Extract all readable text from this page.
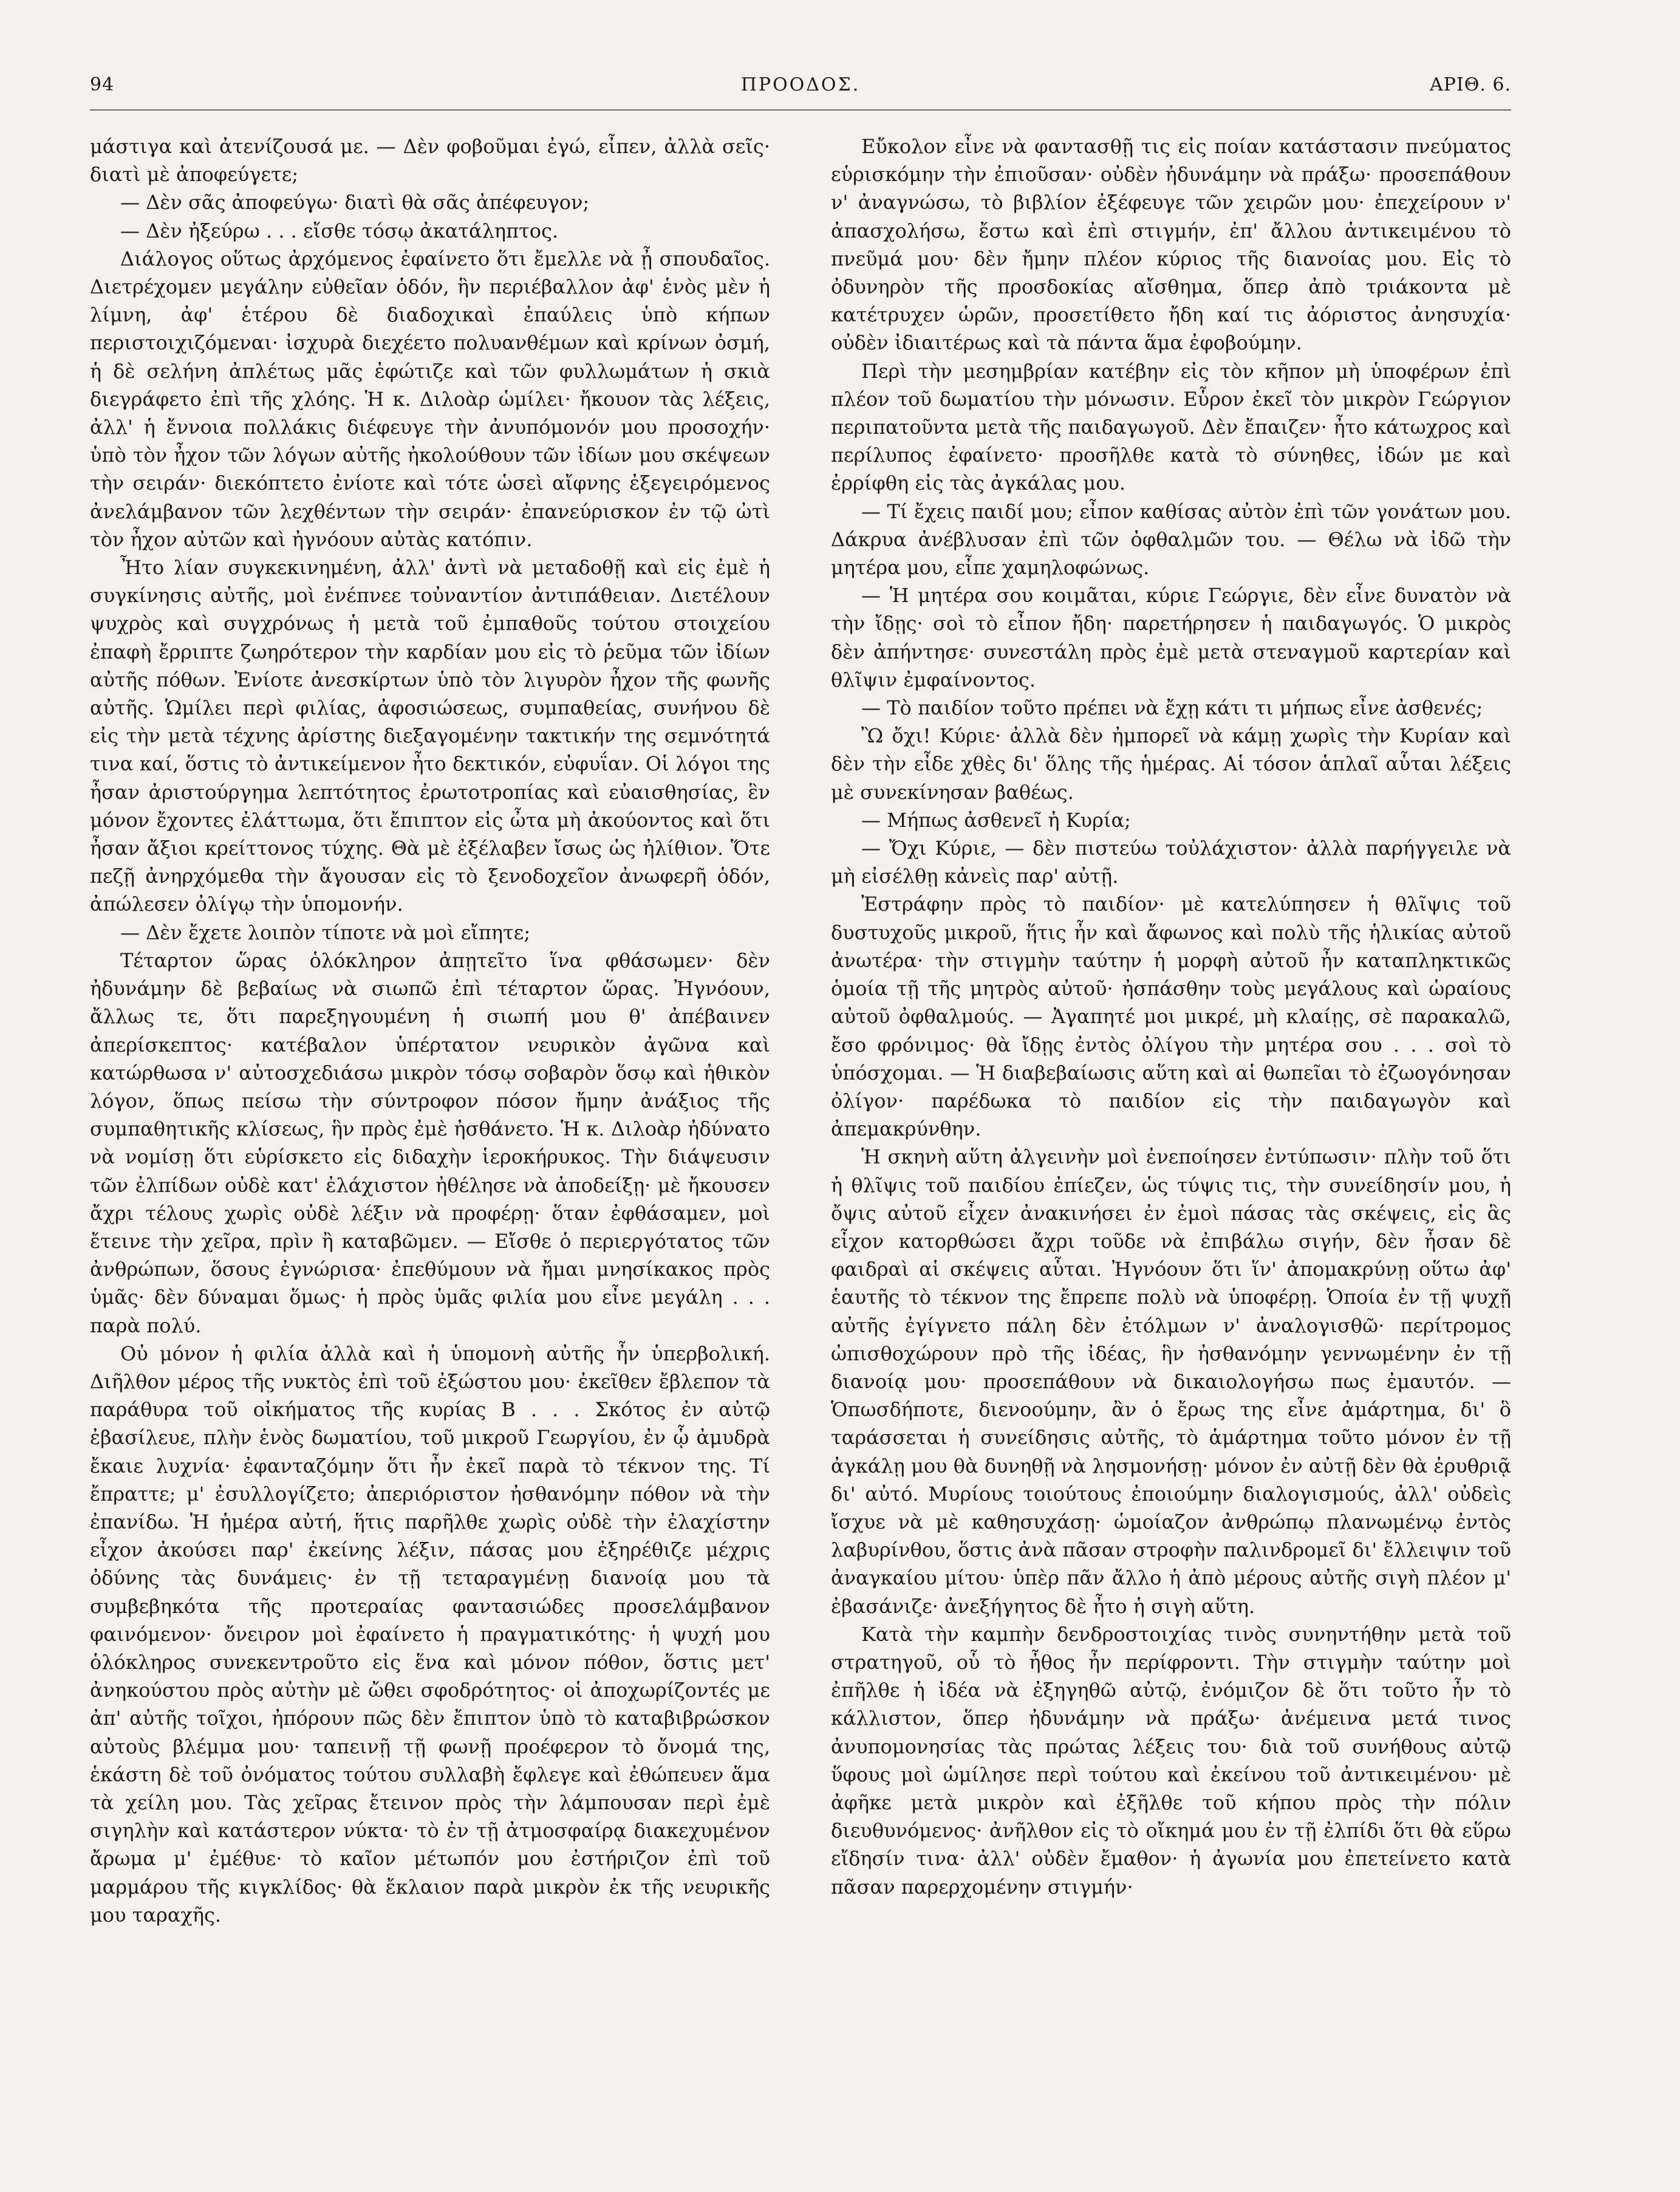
94	ΠΡΟΟΔΟΣ.	ΑΡΙΘ. 6.

μάστιγα καὶ ἀτενίζουσά με. — Δὲν φοβοῦμαι ἐγώ, εἶπεν, ἀλλὰ σεῖς· διατὶ μὲ ἀποφεύγετε;

— Δὲν σᾶς ἀποφεύγω· διατὶ θὰ σᾶς ἀπέφευγον;

— Δὲν ἠξεύρω . . . εἴσθε τόσῳ ἀκατάληπτος.

Διάλογος οὕτως ἀρχόμενος ἐφαίνετο ὅτι ἔμελλε νὰ ᾖ σπουδαῖος. Διετρέχομεν μεγάλην εὐθεῖαν ὁδόν, ἣν περιέβαλλον ἀφ' ἑνὸς μὲν ἡ λίμνη, ἀφ' ἑτέρου δὲ διαδοχικαὶ ἐπαύλεις ὑπὸ κήπων περιστοιχιζόμεναι· ἰσχυρὰ διεχέετο πολυανθέμων καὶ κρίνων ὀσμή, ἡ δὲ σελήνη ἀπλέτως μᾶς ἐφώτιζε καὶ τῶν φυλλωμάτων ἡ σκιὰ διεγράφετο ἐπὶ τῆς χλόης. Ἡ κ. Διλοὰρ ὡμίλει· ἤκουον τὰς λέξεις, ἀλλ' ἡ ἔννοια πολλάκις διέφευγε τὴν ἀνυπόμονόν μου προσοχήν· ὑπὸ τὸν ἦχον τῶν λόγων αὐτῆς ἠκολούθουν τῶν ἰδίων μου σκέψεων τὴν σειράν· διεκόπτετο ἐνίοτε καὶ τότε ὡσεὶ αἴφνης ἐξεγειρόμενος ἀνελάμβανον τῶν λεχθέντων τὴν σειράν· ἐπανεύρισκον ἐν τῷ ὠτὶ τὸν ἦχον αὐτῶν καὶ ἠγνόουν αὐτὰς κατόπιν.

Ἦτο λίαν συγκεκινημένη, ἀλλ' ἀντὶ νὰ μεταδοθῇ καὶ εἰς ἐμὲ ἡ συγκίνησις αὐτῆς, μοὶ ἐνέπνεε τοὐναντίον ἀντιπάθειαν. Διετέλουν ψυχρὸς καὶ συγχρόνως ἡ μετὰ τοῦ ἐμπαθοῦς τούτου στοιχείου ἐπαφὴ ἔρριπτε ζωηρότερον τὴν καρδίαν μου εἰς τὸ ῥεῦμα τῶν ἰδίων αὐτῆς πόθων. Ἐνίοτε ἀνεσκίρτων ὑπὸ τὸν λιγυρὸν ἦχον τῆς φωνῆς αὐτῆς. Ὡμίλει περὶ φιλίας, ἀφοσιώσεως, συμπαθείας, συνήνου δὲ εἰς τὴν μετὰ τέχνης ἀρίστης διεξαγομένην τακτικήν της σεμνότητά τινα καί, ὅστις τὸ ἀντικείμενον ἦτο δεκτικόν, εὐφυΐαν. Οἱ λόγοι της ἦσαν ἀριστούργημα λεπτότητος ἐρωτοτροπίας καὶ εὐαισθησίας, ἓν μόνον ἔχοντες ἐλάττωμα, ὅτι ἔπιπτον εἰς ὦτα μὴ ἀκούοντος καὶ ὅτι ἦσαν ἄξιοι κρείττονος τύχης. Θὰ μὲ ἐξέλαβεν ἴσως ὡς ἠλίθιον. Ὅτε πεζῇ ἀνηρχόμεθα τὴν ἄγουσαν εἰς τὸ ξενοδοχεῖον ἀνωφερῆ ὁδόν, ἀπώλεσεν ὀλίγῳ τὴν ὑπομονήν.

— Δὲν ἔχετε λοιπὸν τίποτε νὰ μοὶ εἴπητε;

Τέταρτον ὥρας ὁλόκληρον ἀπῃτεῖτο ἵνα φθάσωμεν· δὲν ἠδυνάμην δὲ βεβαίως νὰ σιωπῶ ἐπὶ τέταρτον ὥρας. Ἠγνόουν, ἄλλως τε, ὅτι παρεξηγουμένη ἡ σιωπή μου θ' ἀπέβαινεν ἀπερίσκεπτος· κατέβαλον ὑπέρτατον νευρικὸν ἀγῶνα καὶ κατώρθωσα ν' αὐτοσχεδιάσω μικρὸν τόσῳ σοβαρὸν ὅσῳ καὶ ἠθικὸν λόγον, ὅπως πείσω τὴν σύντροφον πόσον ἤμην ἀνάξιος τῆς συμπαθητικῆς κλίσεως, ἣν πρὸς ἐμὲ ἠσθάνετο. Ἡ κ. Διλοὰρ ἠδύνατο νὰ νομίσῃ ὅτι εὑρίσκετο εἰς διδαχὴν ἱεροκήρυκος. Τὴν διάψευσιν τῶν ἐλπίδων οὐδὲ κατ' ἐλάχιστον ἠθέλησε νὰ ἀποδείξῃ· μὲ ἤκουσεν ἄχρι τέλους χωρὶς οὐδὲ λέξιν νὰ προφέρῃ· ὅταν ἐφθάσαμεν, μοὶ ἔτεινε τὴν χεῖρα, πρὶν ἢ καταβῶμεν. — Εἴσθε ὁ περιεργότατος τῶν ἀνθρώπων, ὅσους ἐγνώρισα· ἐπεθύμουν νὰ ἤμαι μνησίκακος πρὸς ὑμᾶς· δὲν δύναμαι ὅμως· ἡ πρὸς ὑμᾶς φιλία μου εἶνε μεγάλη . . . παρὰ πολύ.

Οὐ μόνον ἡ φιλία ἀλλὰ καὶ ἡ ὑπομονὴ αὐτῆς ἦν ὑπερβολική. Διῆλθον μέρος τῆς νυκτὸς ἐπὶ τοῦ ἐξώστου μου· ἐκεῖθεν ἔβλεπον τὰ παράθυρα τοῦ οἰκήματος τῆς κυρίας Β . . . Σκότος ἐν αὐτῷ ἐβασίλευε, πλὴν ἑνὸς δωματίου, τοῦ μικροῦ Γεωργίου, ἐν ᾧ ἀμυδρὰ ἔκαιε λυχνία· ἐφανταζόμην ὅτι ἦν ἐκεῖ παρὰ τὸ τέκνον της. Τί ἔπραττε; μ' ἐσυλλογίζετο; ἀπεριόριστον ἠσθανόμην πόθον νὰ τὴν ἐπανίδω. Ἡ ἡμέρα αὐτή, ἥτις παρῆλθε χωρὶς οὐδὲ τὴν ἐλαχίστην εἶχον ἀκούσει παρ' ἐκείνης λέξιν, πάσας μου ἐξηρέθιζε μέχρις ὀδύνης τὰς δυνάμεις· ἐν τῇ τεταραγμένῃ διανοίᾳ μου τὰ συμβεβηκότα τῆς προτεραίας φαντασιώδες προσελάμβανον φαινόμενον· ὄνειρον μοὶ ἐφαίνετο ἡ πραγματικότης· ἡ ψυχή μου ὁλόκληρος συνεκεντροῦτο εἰς ἕνα καὶ μόνον πόθον, ὅστις μετ' ἀνηκούστου πρὸς αὐτὴν μὲ ὤθει σφοδρότητος· οἱ ἀποχωρίζοντές με ἀπ' αὐτῆς τοῖχοι, ἠπόρουν πῶς δὲν ἔπιπτον ὑπὸ τὸ καταβιβρώσκον αὐτοὺς βλέμμα μου· ταπεινῇ τῇ φωνῇ προέφερον τὸ ὄνομά της, ἑκάστη δὲ τοῦ ὀνόματος τούτου συλλαβὴ ἔφλεγε καὶ ἐθώπευεν ἅμα τὰ χείλη μου. Τὰς χεῖρας ἔτεινον πρὸς τὴν λάμπουσαν περὶ ἐμὲ σιγηλὴν καὶ κατάστερον νύκτα· τὸ ἐν τῇ ἀτμοσφαίρᾳ διακεχυμένον ἄρωμα μ' ἐμέθυε· τὸ καῖον μέτωπόν μου ἐστήριζον ἐπὶ τοῦ μαρμάρου τῆς κιγκλίδος· θὰ ἔκλαιον παρὰ μικρὸν ἐκ τῆς νευρικῆς μου ταραχῆς.

Εὔκολον εἶνε νὰ φαντασθῇ τις εἰς ποίαν κατάστασιν πνεύματος εὑρισκόμην τὴν ἐπιοῦσαν· οὐδὲν ἠδυνάμην νὰ πράξω· προσεπάθουν ν' ἀναγνώσω, τὸ βιβλίον ἐξέφευγε τῶν χειρῶν μου· ἐπεχείρουν ν' ἀπασχολήσω, ἔστω καὶ ἐπὶ στιγμήν, ἐπ' ἄλλου ἀντικειμένου τὸ πνεῦμά μου· δὲν ἤμην πλέον κύριος τῆς διανοίας μου. Εἰς τὸ ὀδυνηρὸν τῆς προσδοκίας αἴσθημα, ὅπερ ἀπὸ τριάκοντα μὲ κατέτρυχεν ὡρῶν, προσετίθετο ἤδη καί τις ἀόριστος ἀνησυχία· οὐδὲν ἰδιαιτέρως καὶ τὰ πάντα ἅμα ἐφοβούμην.

Περὶ τὴν μεσημβρίαν κατέβην εἰς τὸν κῆπον μὴ ὑποφέρων ἐπὶ πλέον τοῦ δωματίου τὴν μόνωσιν. Εὗρον ἐκεῖ τὸν μικρὸν Γεώργιον περιπατοῦντα μετὰ τῆς παιδαγωγοῦ. Δὲν ἔπαιζεν· ἦτο κάτωχρος καὶ περίλυπος ἐφαίνετο· προσῆλθε κατὰ τὸ σύνηθες, ἰδών με καὶ ἐρρίφθη εἰς τὰς ἀγκάλας μου.

— Τί ἔχεις παιδί μου; εἶπον καθίσας αὐτὸν ἐπὶ τῶν γονάτων μου. Δάκρυα ἀνέβλυσαν ἐπὶ τῶν ὀφθαλμῶν του. — Θέλω νὰ ἰδῶ τὴν μητέρα μου, εἶπε χαμηλοφώνως.

— Ἡ μητέρα σου κοιμᾶται, κύριε Γεώργιε, δὲν εἶνε δυνατὸν νὰ τὴν ἴδῃς· σοὶ τὸ εἶπον ἤδη· παρετήρησεν ἡ παιδαγωγός. Ὁ μικρὸς δὲν ἀπήντησε· συνεστάλη πρὸς ἐμὲ μετὰ στεναγμοῦ καρτερίαν καὶ θλῖψιν ἐμφαίνοντος.

— Τὸ παιδίον τοῦτο πρέπει νὰ ἔχῃ κάτι τι μήπως εἶνε ἀσθενές;

Ὢ ὄχι! Κύριε· ἀλλὰ δὲν ἠμπορεῖ νὰ κάμῃ χωρὶς τὴν Κυρίαν καὶ δὲν τὴν εἶδε χθὲς δι' ὅλης τῆς ἡμέρας. Αἱ τόσον ἁπλαῖ αὗται λέξεις μὲ συνεκίνησαν βαθέως.

— Μήπως ἀσθενεῖ ἡ Κυρία;

— Ὄχι Κύριε, — δὲν πιστεύω τοὐλάχιστον· ἀλλὰ παρήγγειλε νὰ μὴ εἰσέλθῃ κἀνεὶς παρ' αὐτῇ.

Ἐστράφην πρὸς τὸ παιδίον· μὲ κατελύπησεν ἡ θλῖψις τοῦ δυστυχοῦς μικροῦ, ἥτις ἦν καὶ ἄφωνος καὶ πολὺ τῆς ἡλικίας αὐτοῦ ἀνωτέρα· τὴν στιγμὴν ταύτην ἡ μορφὴ αὐτοῦ ἦν καταπληκτικῶς ὁμοία τῇ τῆς μητρὸς αὐτοῦ· ἠσπάσθην τοὺς μεγάλους καὶ ὡραίους αὐτοῦ ὀφθαλμούς. — Ἀγαπητέ μοι μικρέ, μὴ κλαίῃς, σὲ παρακαλῶ, ἔσο φρόνιμος· θὰ ἴδῃς ἐντὸς ὀλίγου τὴν μητέρα σου . . . σοὶ τὸ ὑπόσχομαι. — Ἡ διαβεβαίωσις αὕτη καὶ αἱ θωπεῖαι τὸ ἐζωογόνησαν ὀλίγον· παρέδωκα τὸ παιδίον εἰς τὴν παιδαγωγὸν καὶ ἀπεμακρύνθην.

Ἡ σκηνὴ αὕτη ἀλγεινὴν μοὶ ἐνεποίησεν ἐντύπωσιν· πλὴν τοῦ ὅτι ἡ θλῖψις τοῦ παιδίου ἐπίεζεν, ὡς τύψις τις, τὴν συνείδησίν μου, ἡ ὄψις αὐτοῦ εἶχεν ἀνακινήσει ἐν ἐμοὶ πάσας τὰς σκέψεις, εἰς ἃς εἶχον κατορθώσει ἄχρι τοῦδε νὰ ἐπιβάλω σιγήν, δὲν ἦσαν δὲ φαιδραὶ αἱ σκέψεις αὗται. Ἠγνόουν ὅτι ἵν' ἀπομακρύνῃ οὕτω ἀφ' ἑαυτῆς τὸ τέκνον της ἔπρεπε πολὺ νὰ ὑποφέρῃ. Ὁποία ἐν τῇ ψυχῇ αὐτῆς ἐγίγνετο πάλη δὲν ἐτόλμων ν' ἀναλογισθῶ· περίτρομος ὠπισθοχώρουν πρὸ τῆς ἰδέας, ἣν ἠσθανόμην γεννωμένην ἐν τῇ διανοίᾳ μου· προσεπάθουν νὰ δικαιολογήσω πως ἐμαυτόν. — Ὁπωσδήποτε, διενοούμην, ἂν ὁ ἔρως της εἶνε ἁμάρτημα, δι' ὃ ταράσσεται ἡ συνείδησις αὐτῆς, τὸ ἁμάρτημα τοῦτο μόνον ἐν τῇ ἀγκάλῃ μου θὰ δυνηθῇ νὰ λησμονήσῃ· μόνον ἐν αὐτῇ δὲν θὰ ἐρυθριᾷ δι' αὐτό. Μυρίους τοιούτους ἐποιούμην διαλογισμούς, ἀλλ' οὐδεὶς ἴσχυε νὰ μὲ καθησυχάσῃ· ὡμοίαζον ἀνθρώπῳ πλανωμένῳ ἐντὸς λαβυρίνθου, ὅστις ἀνὰ πᾶσαν στροφὴν παλινδρομεῖ δι' ἔλλειψιν τοῦ ἀναγκαίου μίτου· ὑπὲρ πᾶν ἄλλο ἡ ἀπὸ μέρους αὐτῆς σιγὴ πλέον μ' ἐβασάνιζε· ἀνεξήγητος δὲ ἦτο ἡ σιγὴ αὕτη.

Κατὰ τὴν καμπὴν δενδροστοιχίας τινὸς συνηντήθην μετὰ τοῦ στρατηγοῦ, οὗ τὸ ἦθος ἦν περίφροντι. Τὴν στιγμὴν ταύτην μοὶ ἐπῆλθε ἡ ἰδέα νὰ ἐξηγηθῶ αὐτῷ, ἐνόμιζον δὲ ὅτι τοῦτο ἦν τὸ κάλλιστον, ὅπερ ἠδυνάμην νὰ πράξω· ἀνέμεινα μετά τινος ἀνυπομονησίας τὰς πρώτας λέξεις του· διὰ τοῦ συνήθους αὐτῷ ὕφους μοὶ ὡμίλησε περὶ τούτου καὶ ἐκείνου τοῦ ἀντικειμένου· μὲ ἀφῆκε μετὰ μικρὸν καὶ ἐξῆλθε τοῦ κήπου πρὸς τὴν πόλιν διευθυνόμενος· ἀνῆλθον εἰς τὸ οἴκημά μου ἐν τῇ ἐλπίδι ὅτι θὰ εὕρω εἴδησίν τινα· ἀλλ' οὐδὲν ἔμαθον· ἡ ἀγωνία μου ἐπετείνετο κατὰ πᾶσαν παρερχομένην στιγμήν·
